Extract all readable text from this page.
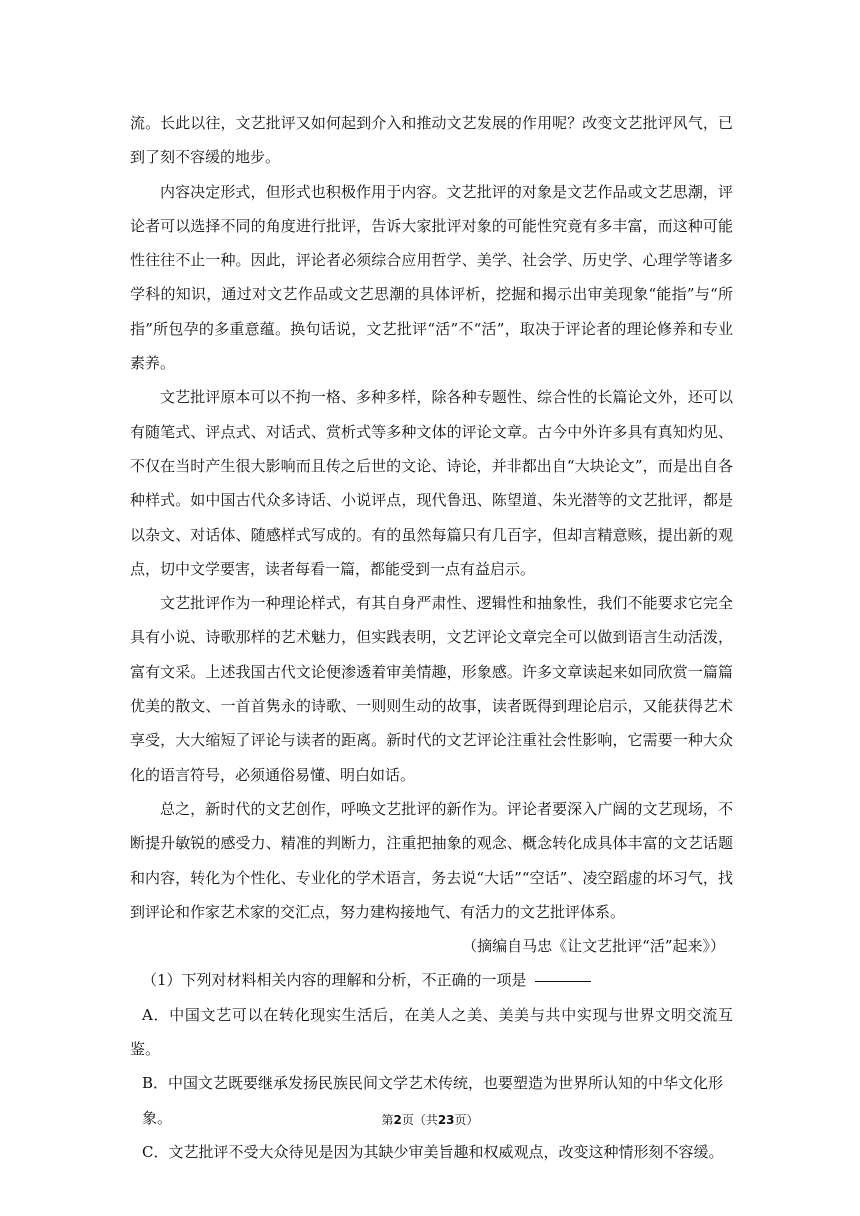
流。长此以往，文艺批评又如何起到介入和推动文艺发展的作用呢？改变文艺批评风气，已到了刻不容缓的地步。

内容决定形式，但形式也积极作用于内容。文艺批评的对象是文艺作品或文艺思潮，评论者可以选择不同的角度进行批评，告诉大家批评对象的可能性究竟有多丰富，而这种可能性往往不止一种。因此，评论者必须综合应用哲学、美学、社会学、历史学、心理学等诸多学科的知识，通过对文艺作品或文艺思潮的具体评析，挖掘和揭示出审美现象“能指”与“所指”所包孕的多重意蕴。换句话说，文艺批评“活”不“活”，取决于评论者的理论修养和专业素养。

文艺批评原本可以不拘一格、多种多样，除各种专题性、综合性的长篇论文外，还可以有随笔式、评点式、对话式、赏析式等多种文体的评论文章。古今中外许多具有真知灼见、不仅在当时产生很大影响而且传之后世的文论、诗论，并非都出自“大块论文”，而是出自各种样式。如中国古代众多诗话、小说评点，现代鲁迅、陈望道、朱光潜等的文艺批评，都是以杂文、对话体、随感样式写成的。有的虽然每篇只有几百字，但却言精意赅，提出新的观点，切中文学要害，读者每看一篇，都能受到一点有益启示。

文艺批评作为一种理论样式，有其自身严肃性、逻辑性和抽象性，我们不能要求它完全具有小说、诗歌那样的艺术魅力，但实践表明，文艺评论文章完全可以做到语言生动活泼，富有文采。上述我国古代文论便渗透着审美情趣，形象感。许多文章读起来如同欣赏一篇篇优美的散文、一首首隽永的诗歌、一则则生动的故事，读者既得到理论启示，又能获得艺术享受，大大缩短了评论与读者的距离。新时代的文艺评论注重社会性影响，它需要一种大众化的语言符号，必须通俗易懂、明白如话。

总之，新时代的文艺创作，呼唤文艺批评的新作为。评论者要深入广阔的文艺现场，不断提升敏锐的感受力、精准的判断力，注重把抽象的观念、概念转化成具体丰富的文艺话题和内容，转化为个性化、专业化的学术语言，务去说“大话”“空话”、凌空蹈虚的坏习气，找到评论和作家艺术家的交汇点，努力建构接地气、有活力的文艺批评体系。

（摘编自马忠《让文艺批评“活”起来》）

（1）下列对材料相关内容的理解和分析，不正确的一项是

A．中国文艺可以在转化现实生活后，在美人之美、美美与共中实现与世界文明交流互鉴。

B．中国文艺既要继承发扬民族民间文学艺术传统，也要塑造为世界所认知的中华文化形
象。

C．文艺批评不受大众待见是因为其缺少审美旨趣和权威观点，改变这种情形刻不容缓。

第2页（共23页）
